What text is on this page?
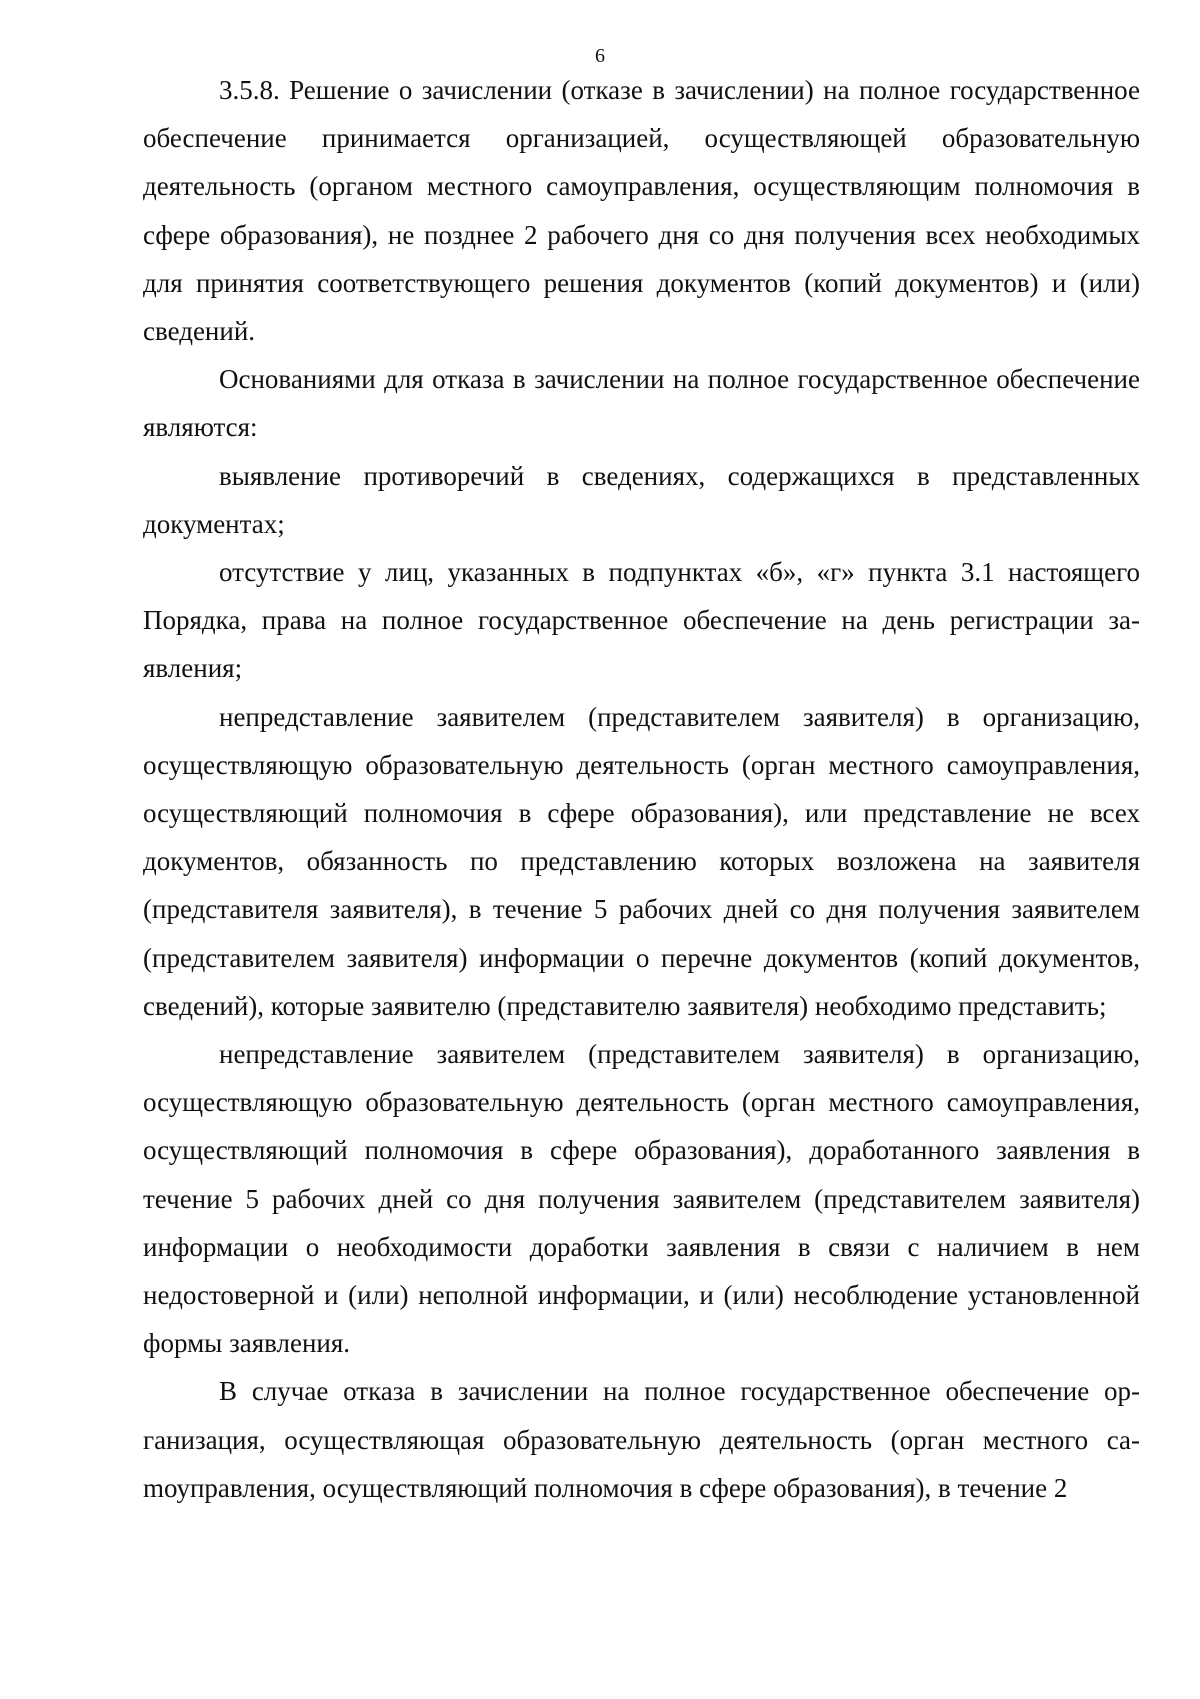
6

3.5.8. Решение о зачислении (отказе в зачислении) на полное государственное обеспечение принимается организацией, осуществляющей образовательную деятельность (органом местного самоуправления, осуществляющим полномочия в сфере образования), не позднее 2 рабочего дня со дня получения всех необходимых для принятия соответствующего решения документов (копий документов) и (или) сведений.

Основаниями для отказа в зачислении на полное государственное обеспечение являются:

выявление противоречий в сведениях, содержащихся в представленных документах;

отсутствие у лиц, указанных в подпунктах «б», «г» пункта 3.1 настоящего Порядка, права на полное государственное обеспечение на день регистрации заявления;

непредставление заявителем (представителем заявителя) в организацию, осуществляющую образовательную деятельность (орган местного самоуправления, осуществляющий полномочия в сфере образования), или представление не всех документов, обязанность по представлению которых возложена на заявителя (представителя заявителя), в течение 5 рабочих дней со дня получения заявителем (представителем заявителя) информации о перечне документов (копий документов, сведений), которые заявителю (представителю заявителя) необходимо представить;

непредставление заявителем (представителем заявителя) в организацию, осуществляющую образовательную деятельность (орган местного самоуправления, осуществляющий полномочия в сфере образования), доработанного заявления в течение 5 рабочих дней со дня получения заявителем (представителем заявителя) информации о необходимости доработки заявления в связи с наличием в нем недостоверной и (или) неполной информации, и (или) несоблюдение установленной формы заявления.

В случае отказа в зачислении на полное государственное обеспечение организация, осуществляющая образовательную деятельность (орган местного саmоуправления, осуществляющий полномочия в сфере образования), в течение 2
